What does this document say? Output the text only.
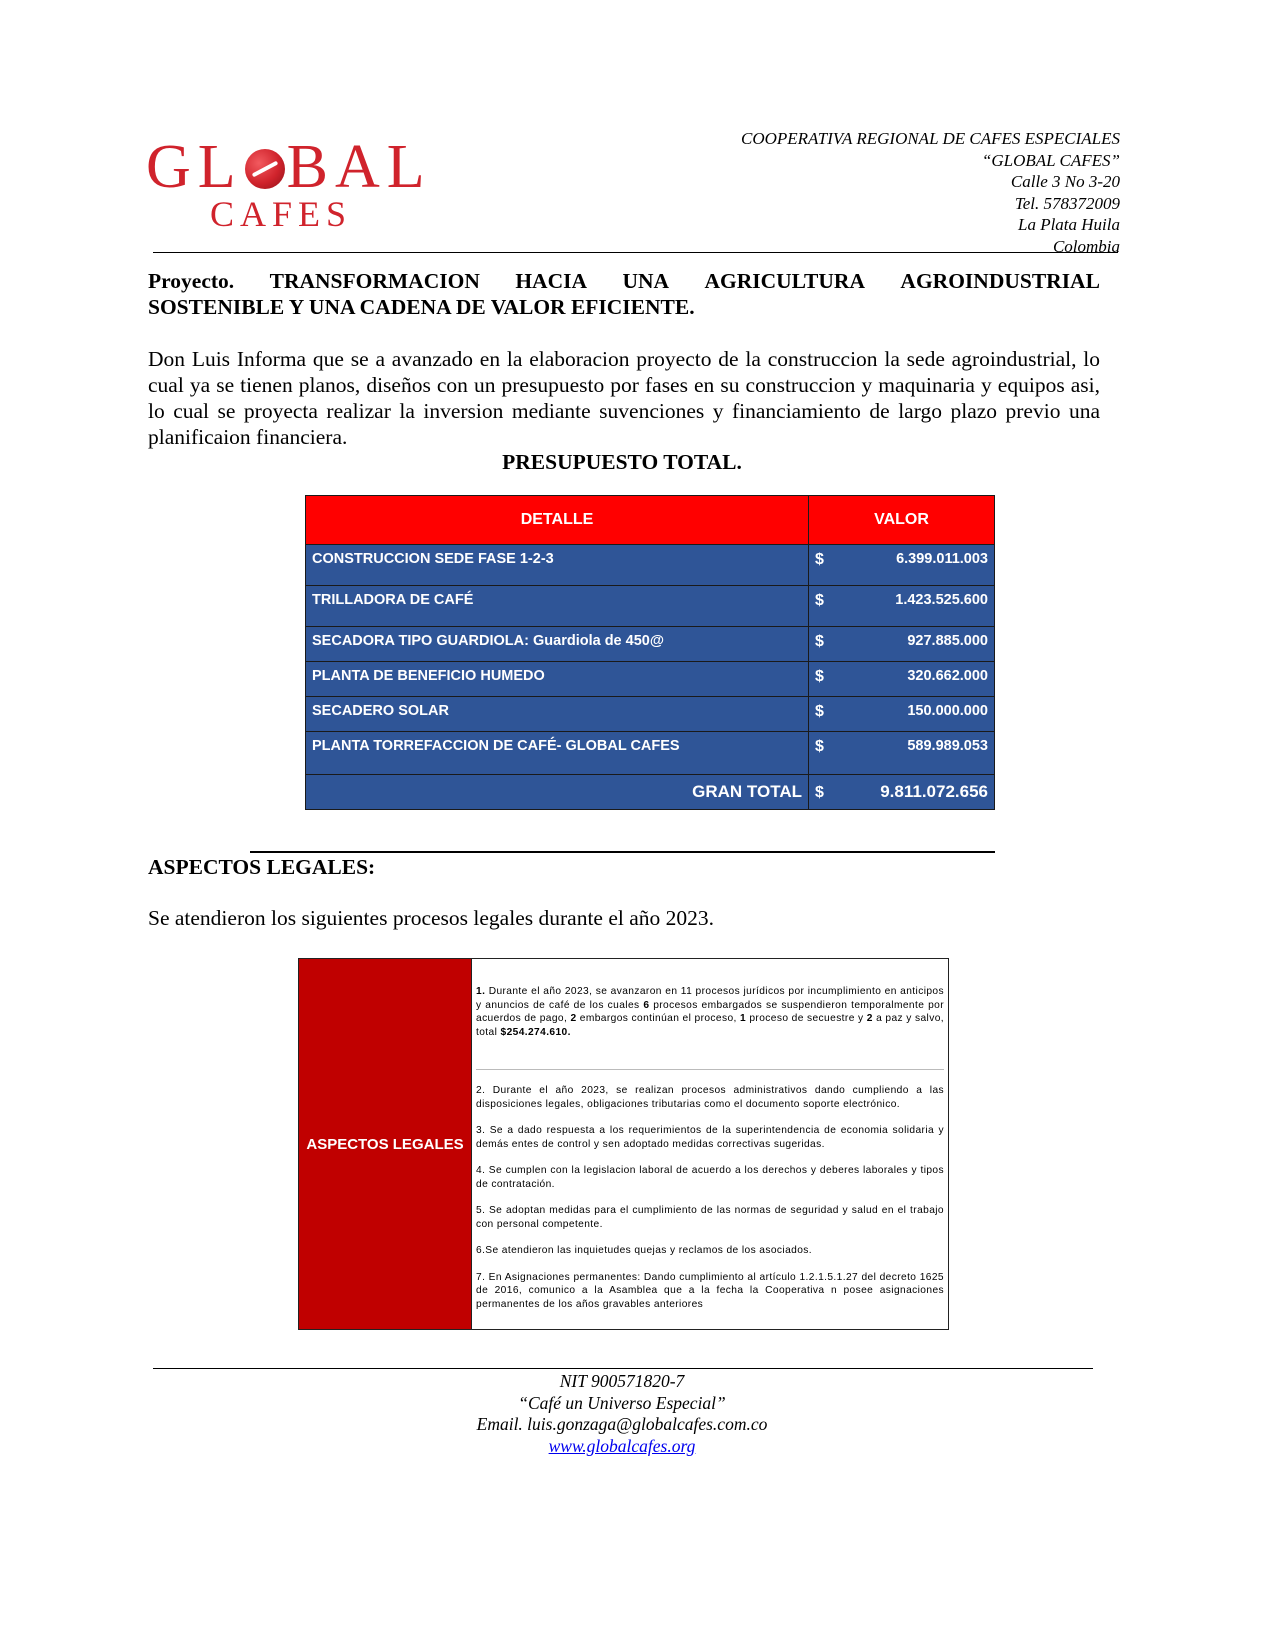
GL BAL
CAFES
COOPERATIVA REGIONAL DE CAFES ESPECIALES
“GLOBAL CAFES”
Calle 3 No 3-20
Tel. 578372009
La Plata Huila
Colombia
Proyecto. TRANSFORMACION HACIA UNA AGRICULTURA AGROINDUSTRIAL
SOSTENIBLE Y UNA CADENA DE VALOR EFICIENTE.
Don Luis Informa que se a avanzado en la elaboracion proyecto de la construccion la sede agroindustrial, lo cual ya se tienen planos, diseños con un presupuesto por fases en su construccion y maquinaria y equipos asi, lo cual se proyecta realizar la inversion mediante suvenciones y financiamiento de largo plazo previo una planificaion financiera.
PRESUPUESTO TOTAL.
DETALLE	VALOR
CONSTRUCCION SEDE FASE 1-2-3	$ 6.399.011.003

TRILLADORA DE CAFÉ	$ 1.423.525.600

SECADORA TIPO GUARDIOLA: Guardiola de 450@	$ 927.885.000

PLANTA DE BENEFICIO HUMEDO	$ 320.662.000

SECADERO SOLAR	$ 150.000.000

PLANTA TORREFACCION DE CAFÉ- GLOBAL CAFES	$ 589.989.053

GRAN TOTAL	$ 9.811.072.656
ASPECTOS LEGALES:
Se atendieron los siguientes procesos legales durante el año 2023.
ASPECTOS LEGALES

1. Durante el año 2023, se avanzaron en 11 procesos jurídicos por incumplimiento en anticipos y anuncios de café de los cuales 6 procesos embargados se suspendieron temporalmente por acuerdos de pago, 2 embargos continúan el proceso, 1 proceso de secuestre y 2 a paz y salvo, total $254.274.610.

2. Durante el año 2023, se realizan procesos administrativos dando cumpliendo a las disposiciones legales, obligaciones tributarias como el documento soporte electrónico.

3. Se a dado respuesta a los requerimientos de la superintendencia de economia solidaria y demás entes de control y sen adoptado medidas correctivas sugeridas.

4. Se cumplen con la legislacion laboral de acuerdo a los derechos y deberes laborales y tipos de contratación.

5. Se adoptan medidas para el cumplimiento de las normas de seguridad y salud en el trabajo con personal competente.

6.Se atendieron las inquietudes quejas y reclamos de los asociados.

7. En Asignaciones permanentes: Dando cumplimiento al artículo 1.2.1.5.1.27 del decreto 1625 de 2016, comunico a la Asamblea que a la fecha la Cooperativa n posee asignaciones permanentes de los años gravables anteriores

NIT 900571820-7
“Café un Universo Especial”
Email. luis.gonzaga@globalcafes.com.co
www.globalcafes.org
